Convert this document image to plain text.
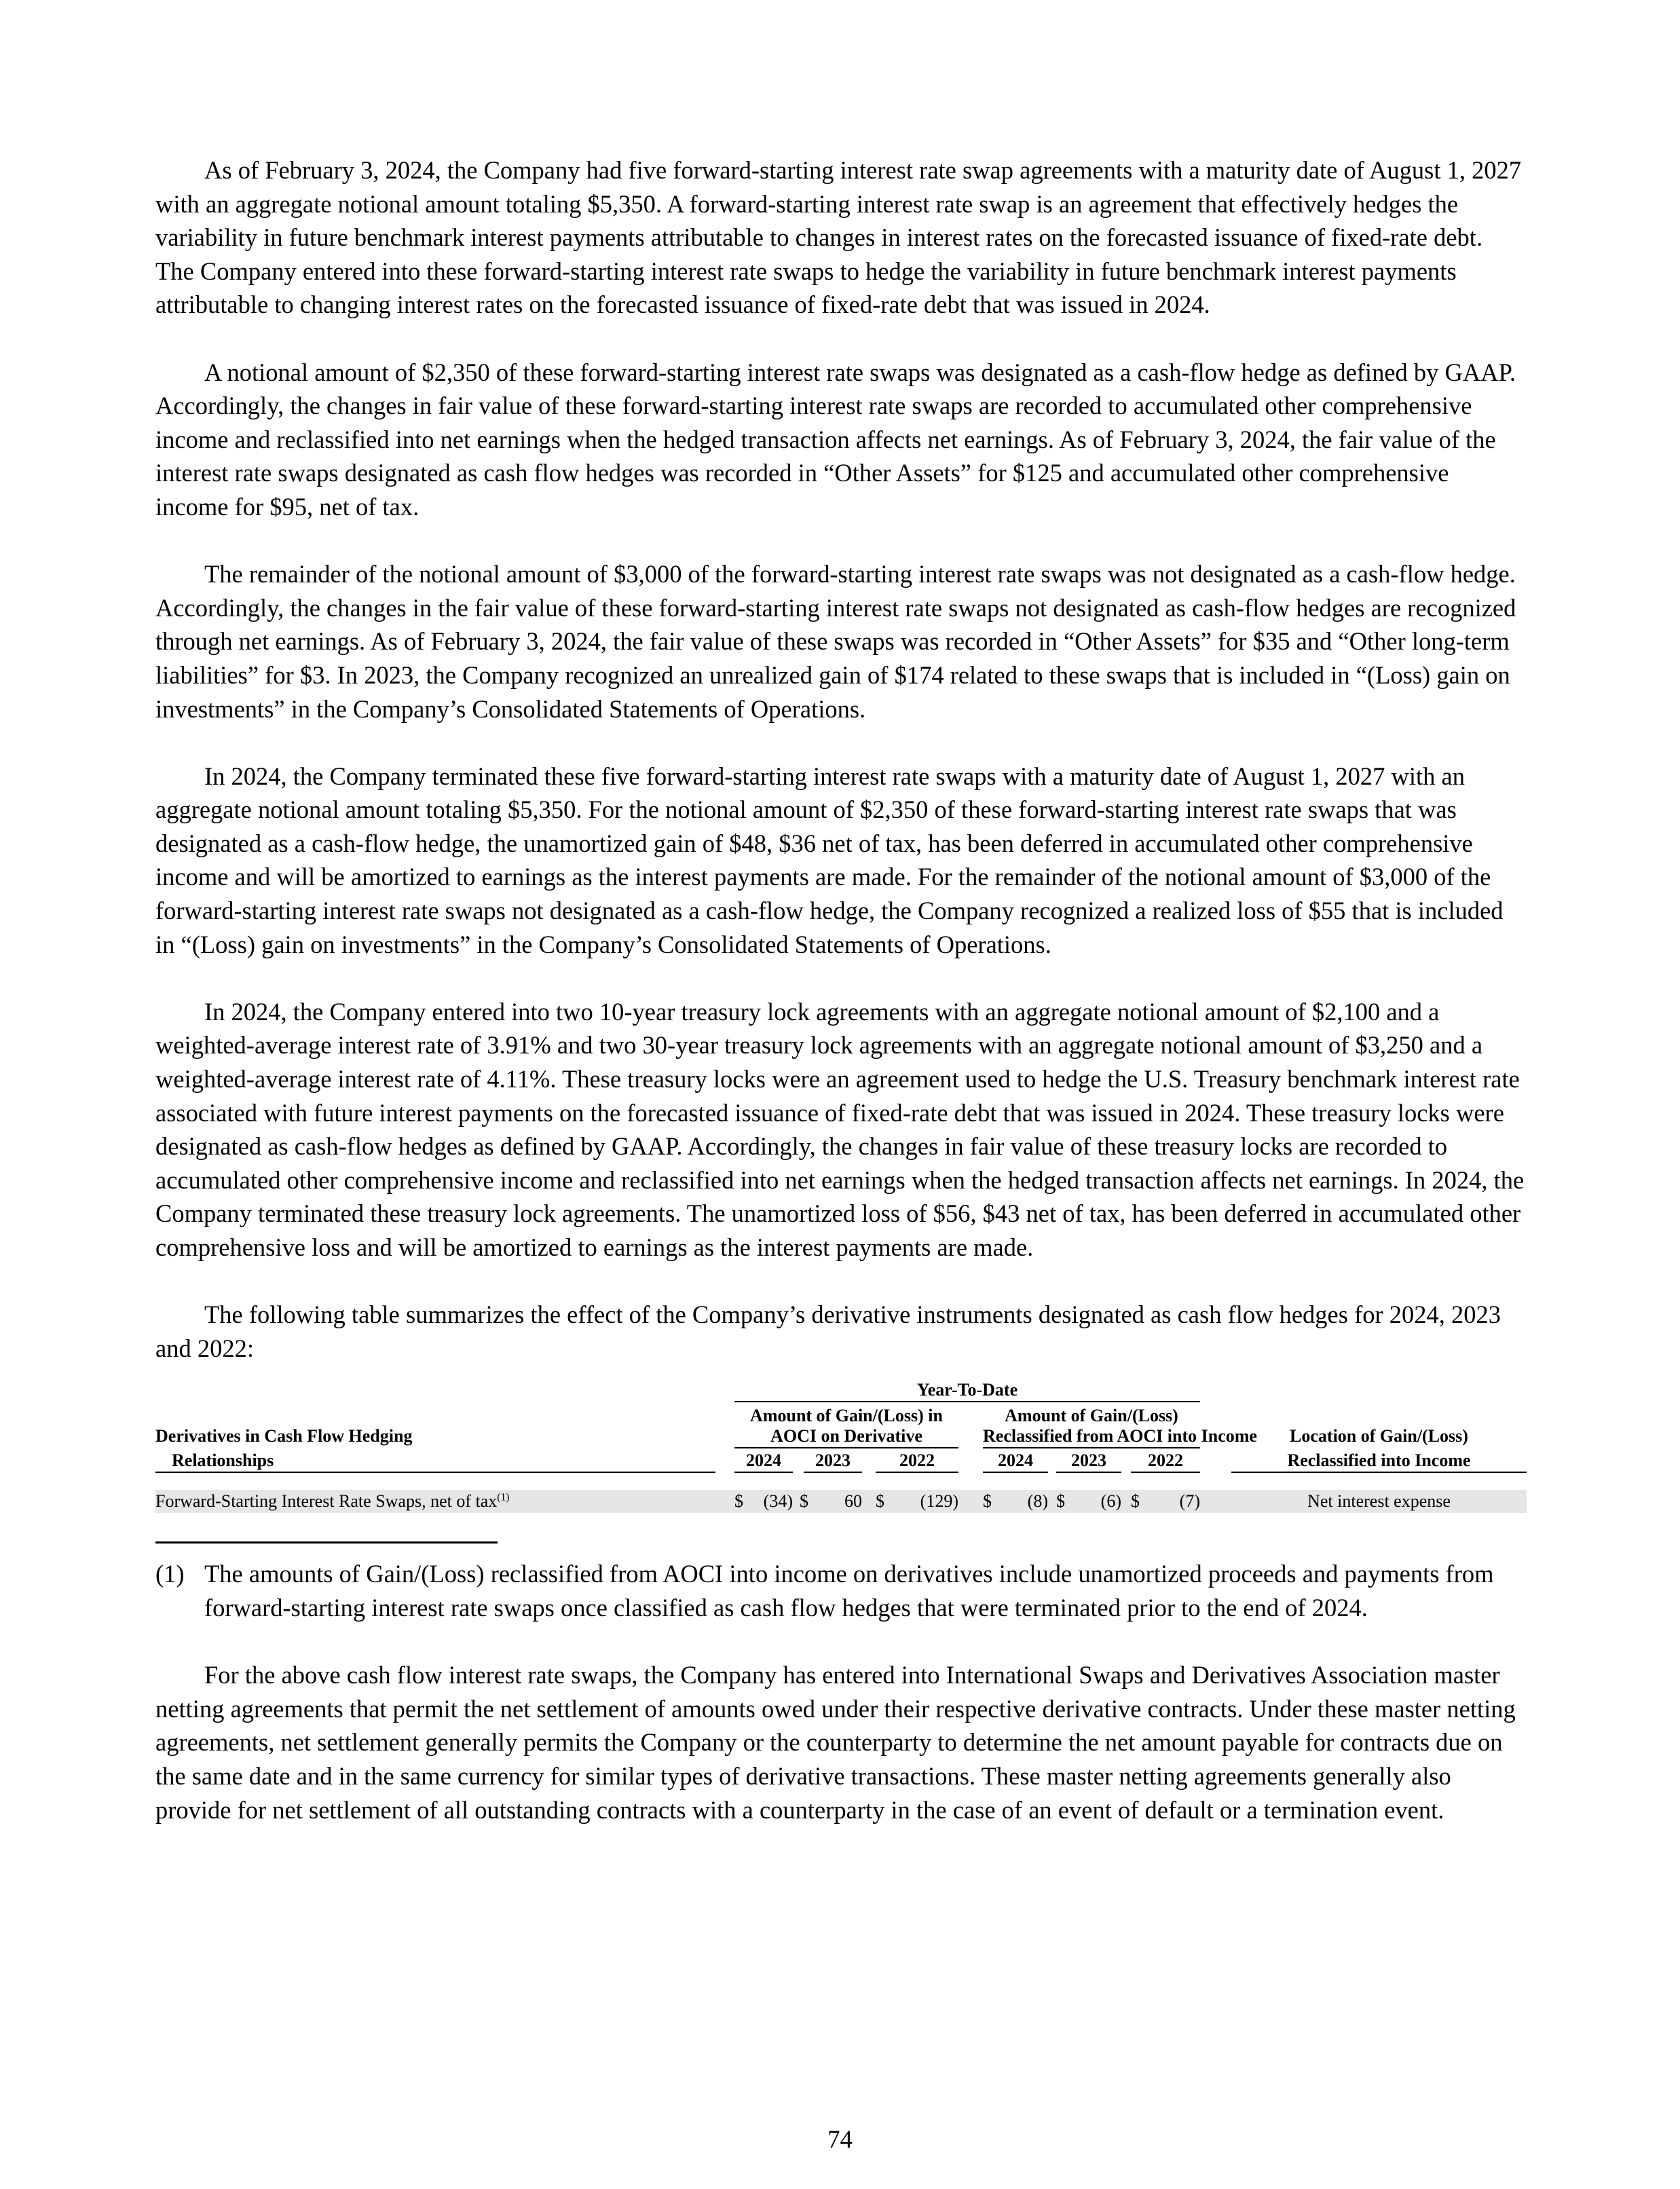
As of February 3, 2024, the Company had five forward-starting interest rate swap agreements with a maturity date of August 1, 2027 with an aggregate notional amount totaling $5,350. A forward-starting interest rate swap is an agreement that effectively hedges the variability in future benchmark interest payments attributable to changes in interest rates on the forecasted issuance of fixed-rate debt. The Company entered into these forward-starting interest rate swaps to hedge the variability in future benchmark interest payments attributable to changing interest rates on the forecasted issuance of fixed-rate debt that was issued in 2024.

A notional amount of $2,350 of these forward-starting interest rate swaps was designated as a cash-flow hedge as defined by GAAP. Accordingly, the changes in fair value of these forward-starting interest rate swaps are recorded to accumulated other comprehensive income and reclassified into net earnings when the hedged transaction affects net earnings. As of February 3, 2024, the fair value of the interest rate swaps designated as cash flow hedges was recorded in “Other Assets” for $125 and accumulated other comprehensive income for $95, net of tax.

The remainder of the notional amount of $3,000 of the forward-starting interest rate swaps was not designated as a cash-flow hedge. Accordingly, the changes in the fair value of these forward-starting interest rate swaps not designated as cash-flow hedges are recognized through net earnings. As of February 3, 2024, the fair value of these swaps was recorded in “Other Assets” for $35 and “Other long-term liabilities” for $3. In 2023, the Company recognized an unrealized gain of $174 related to these swaps that is included in “(Loss) gain on investments” in the Company’s Consolidated Statements of Operations.

In 2024, the Company terminated these five forward-starting interest rate swaps with a maturity date of August 1, 2027 with an aggregate notional amount totaling $5,350. For the notional amount of $2,350 of these forward-starting interest rate swaps that was designated as a cash-flow hedge, the unamortized gain of $48, $36 net of tax, has been deferred in accumulated other comprehensive income and will be amortized to earnings as the interest payments are made. For the remainder of the notional amount of $3,000 of the forward-starting interest rate swaps not designated as a cash-flow hedge, the Company recognized a realized loss of $55 that is included in “(Loss) gain on investments” in the Company’s Consolidated Statements of Operations.

In 2024, the Company entered into two 10-year treasury lock agreements with an aggregate notional amount of $2,100 and a weighted-average interest rate of 3.91% and two 30-year treasury lock agreements with an aggregate notional amount of $3,250 and a weighted-average interest rate of 4.11%. These treasury locks were an agreement used to hedge the U.S. Treasury benchmark interest rate associated with future interest payments on the forecasted issuance of fixed-rate debt that was issued in 2024. These treasury locks were designated as cash-flow hedges as defined by GAAP. Accordingly, the changes in fair value of these treasury locks are recorded to accumulated other comprehensive income and reclassified into net earnings when the hedged transaction affects net earnings. In 2024, the Company terminated these treasury lock agreements. The unamortized loss of $56, $43 net of tax, has been deferred in accumulated other comprehensive loss and will be amortized to earnings as the interest payments are made.

The following table summarizes the effect of the Company’s derivative instruments designated as cash flow hedges for 2024, 2023 and 2022:

Year-To-Date
Amount of Gain/(Loss) in
AOCI on Derivative
Amount of Gain/(Loss)
Reclassified from AOCI into Income
Derivatives in Cash Flow Hedging
Relationships
Location of Gain/(Loss)
Reclassified into Income
2024	2023	2022	2024	2023	2022
Forward-Starting Interest Rate Swaps, net of tax$^{(1)}$	$	(34) $	60 $	(129) $	(8) $	(6) $	(7)	Net interest expense
(1) The amounts of Gain/(Loss) reclassified from AOCI into income on derivatives include unamortized proceeds and payments from forward-starting interest rate swaps once classified as cash flow hedges that were terminated prior to the end of 2024.

For the above cash flow interest rate swaps, the Company has entered into International Swaps and Derivatives Association master netting agreements that permit the net settlement of amounts owed under their respective derivative contracts. Under these master netting agreements, net settlement generally permits the Company or the counterparty to determine the net amount payable for contracts due on the same date and in the same currency for similar types of derivative transactions. These master netting agreements generally also provide for net settlement of all outstanding contracts with a counterparty in the case of an event of default or a termination event.

74
